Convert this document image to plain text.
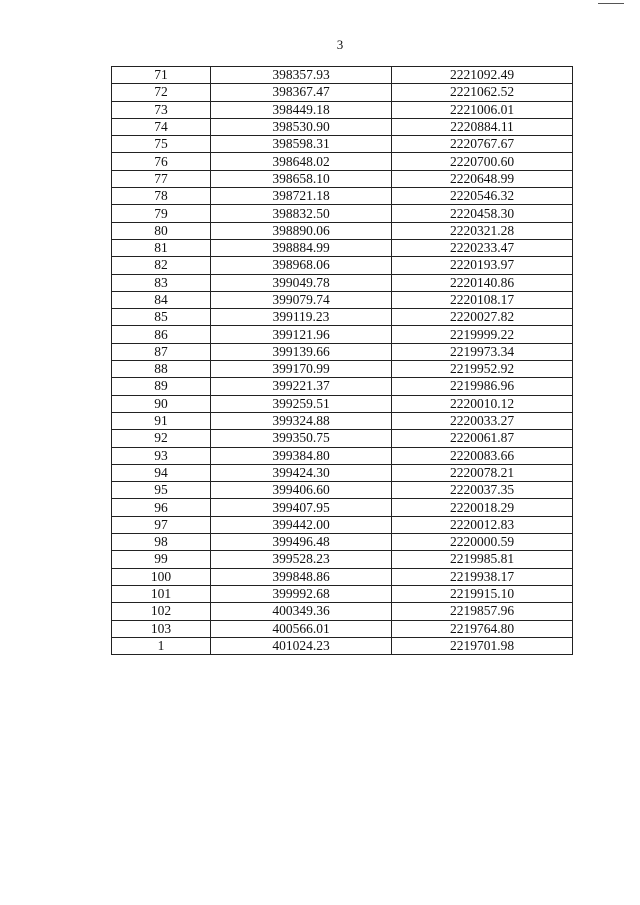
3
71	398357.93	2221092.49
72	398367.47	2221062.52
73	398449.18	2221006.01
74	398530.90	2220884.11
75	398598.31	2220767.67
76	398648.02	2220700.60
77	398658.10	2220648.99
78	398721.18	2220546.32
79	398832.50	2220458.30
80	398890.06	2220321.28
81	398884.99	2220233.47
82	398968.06	2220193.97
83	399049.78	2220140.86
84	399079.74	2220108.17
85	399119.23	2220027.82
86	399121.96	2219999.22
87	399139.66	2219973.34
88	399170.99	2219952.92
89	399221.37	2219986.96
90	399259.51	2220010.12
91	399324.88	2220033.27
92	399350.75	2220061.87
93	399384.80	2220083.66
94	399424.30	2220078.21
95	399406.60	2220037.35
96	399407.95	2220018.29
97	399442.00	2220012.83
98	399496.48	2220000.59
99	399528.23	2219985.81
100	399848.86	2219938.17
101	399992.68	2219915.10
102	400349.36	2219857.96
103	400566.01	2219764.80
1	401024.23	2219701.98
